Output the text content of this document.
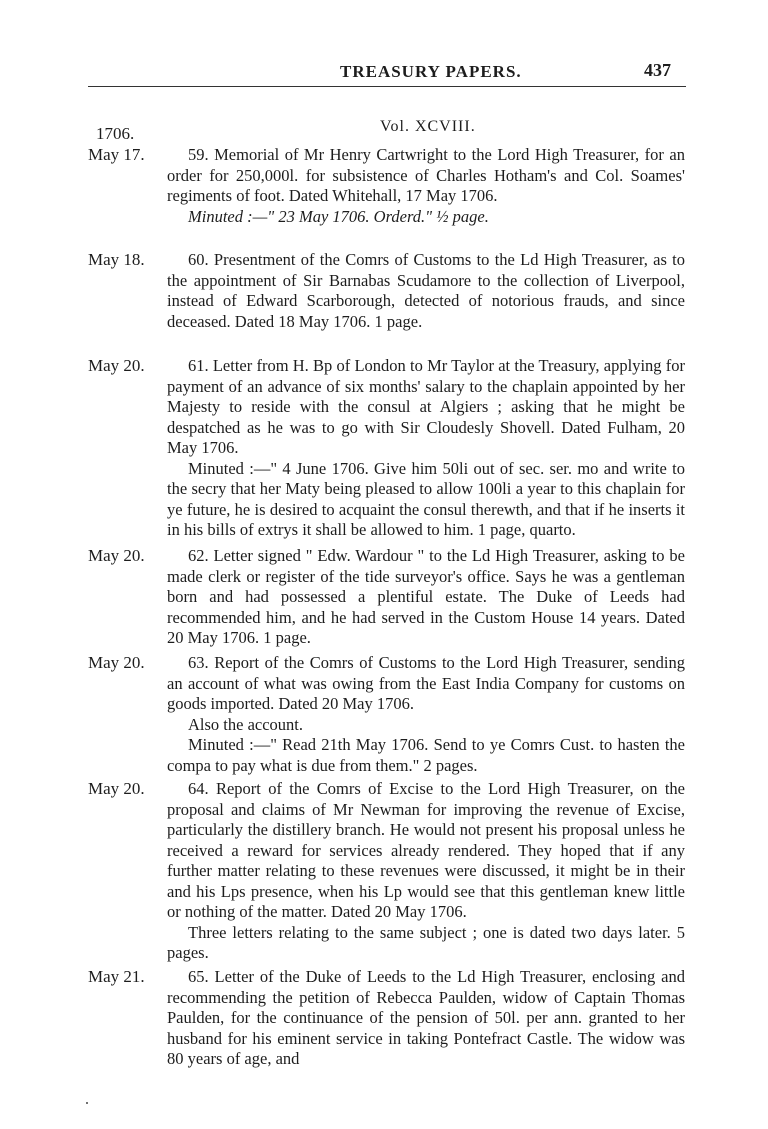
TREASURY PAPERS.	437
Vol. XCVIII.
1706.
May 17.	59. Memorial of Mr Henry Cartwright to the Lord High Treasurer, for an order for 250,000l. for subsistence of Charles Hotham's and Col. Soames' regiments of foot. Dated Whitehall, 17 May 1706.

Minuted :—" 23 May 1706. Orderd." ½ page.

May 18.	60. Presentment of the Comrs of Customs to the Ld High Treasurer, as to the appointment of Sir Barnabas Scudamore to the collection of Liverpool, instead of Edward Scarborough, detected of notorious frauds, and since deceased. Dated 18 May 1706. 1 page.

May 20.	61. Letter from H. Bp of London to Mr Taylor at the Treasury, applying for payment of an advance of six months' salary to the chaplain appointed by her Majesty to reside with the consul at Algiers ; asking that he might be despatched as he was to go with Sir Cloudesly Shovell. Dated Fulham, 20 May 1706.

Minuted :—" 4 June 1706. Give him 50li out of sec. ser. mo and write to the secry that her Maty being pleased to allow 100li a year to this chaplain for ye future, he is desired to acquaint the consul therewth, and that if he inserts it in his bills of extrys it shall be allowed to him. 1 page, quarto.

May 20.	62. Letter signed " Edw. Wardour " to the Ld High Treasurer, asking to be made clerk or register of the tide surveyor's office. Says he was a gentleman born and had possessed a plentiful estate. The Duke of Leeds had recommended him, and he had served in the Custom House 14 years. Dated 20 May 1706. 1 page.

May 20.	63. Report of the Comrs of Customs to the Lord High Treasurer, sending an account of what was owing from the East India Company for customs on goods imported. Dated 20 May 1706.

Also the account.

Minuted :—" Read 21th May 1706. Send to ye Comrs Cust. to hasten the compa to pay what is due from them." 2 pages.

May 20.	64. Report of the Comrs of Excise to the Lord High Treasurer, on the proposal and claims of Mr Newman for improving the revenue of Excise, particularly the distillery branch. He would not present his proposal unless he received a reward for services already rendered. They hoped that if any further matter relating to these revenues were discussed, it might be in their and his Lps presence, when his Lp would see that this gentleman knew little or nothing of the matter. Dated 20 May 1706.

Three letters relating to the same subject ; one is dated two days later. 5 pages.

May 21.	65. Letter of the Duke of Leeds to the Ld High Treasurer, enclosing and recommending the petition of Rebecca Paulden, widow of Captain Thomas Paulden, for the continuance of the pension of 50l. per ann. granted to her husband for his eminent service in taking Pontefract Castle. The widow was 80 years of age, and
